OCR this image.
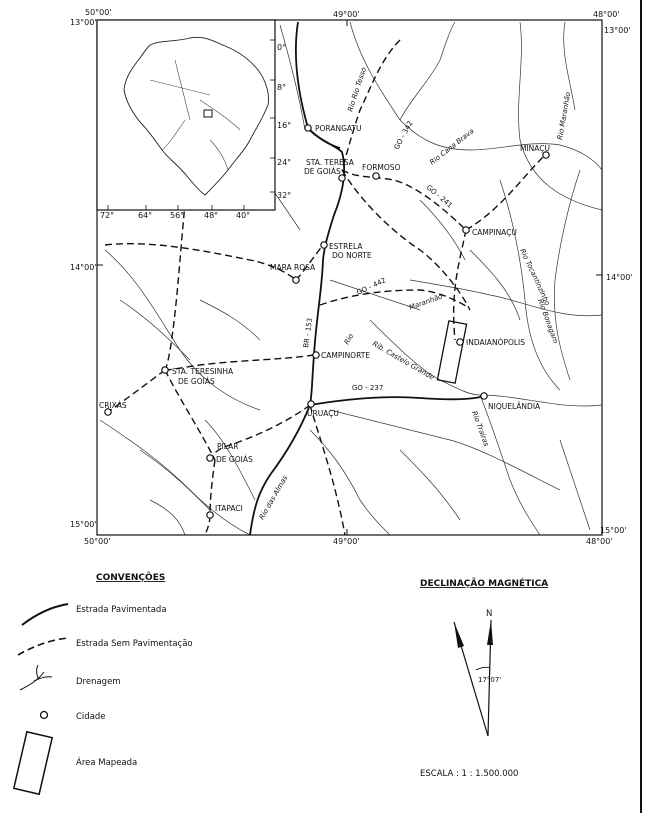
50°00'	49°00'	48°00'
13°00'
13°00'
14°00'
14°00'
15°00'
50°00'	49°00'	48°00'
15°00'
0°
8°
16°
24°
32°
72°	64° 56° 48° 40°
PORANGATU
STA. TERESA
DE GOIÁS	FORMOSO
MINAÇU
CAMPINAÇU
ESTRELA
DO NORTE
MARA ROSA
INDAIANÓPOLIS
CAMPINORTE
STA. TERESINHA
DE GOIÁS
CRIXÁS
URUAÇU
NIQUELÂNDIA
PILAR
DE GOIÁS
ITAPACI
GO - 342
GO - 241
GO - 442
BR - 153
GO - 237
Rio Rio Tesso
Rio Cana Brava
Rio Maranhão
Rio Tocantinzinho
Rio Bonagam
Maranhão
Rio
Rib. Castelo Grande
Rio Traíras
Rio das Almas
CONVENÇÕES
Estrada Pavimentada
Estrada Sem Pavimentação
Drenagem
Cidade
Área Mapeada
DECLINAÇÃO MAGNÉTICA
N
17°07'
ESCALA : 1 : 1.500.000
